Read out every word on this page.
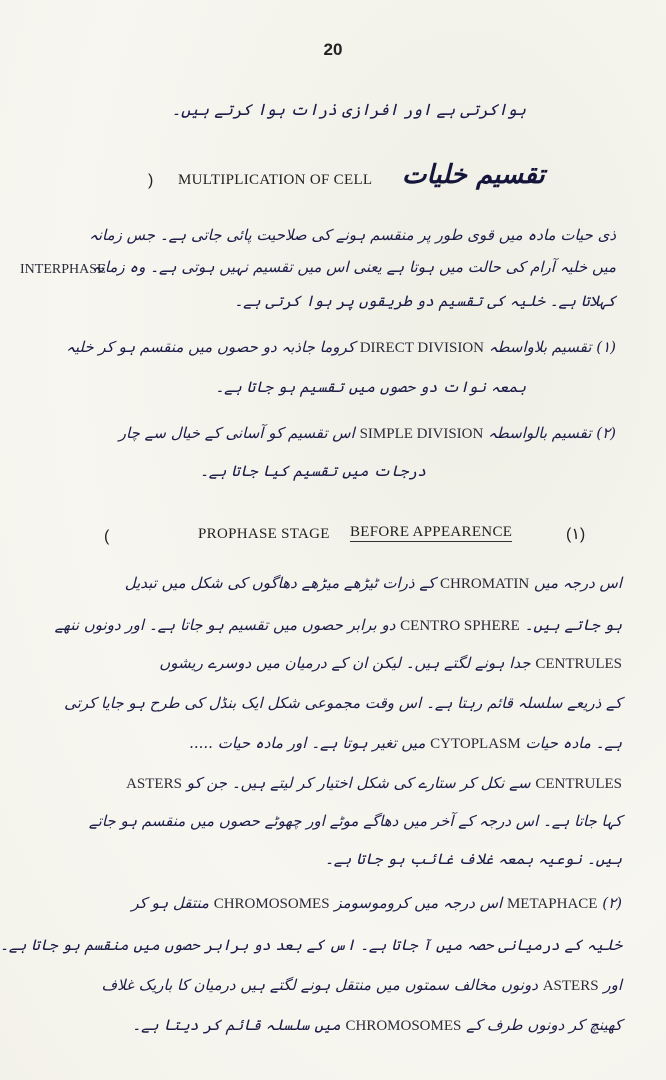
20
ہواکرتی ہے اور افرازی ذرات ہوا کرتے ہیں۔
) MULTIPLICATION OF CELL تقسیم خلیات
ذی حیات مادہ میں قوی طور پر منقسم ہونے کی صلاحیت پائی جاتی ہے۔ جس زمانہ
میں خلیہ آرام کی حالت میں ہوتا ہے یعنی اس میں تقسیم نہیں ہوتی ہے۔ وہ زمانہ
INTERPHASE
کہلاتا ہے۔ خلیہ کی تقسیم دو طریقوں پر ہوا کرتی ہے۔
(۱) تقسیم بلاواسطہ DIRECT DIVISION کروما جاذبہ دو حصوں میں منقسم ہو کر خلیہ
بمعہ نوات دو حصوں میں تقسیم ہو جاتا ہے۔
(۲) تقسیم بالواسطہ SIMPLE DIVISION اس تقسیم کو آسانی کے خیال سے چار
درجات میں تقسیم کیا جاتا ہے۔
(	PROPHASE STAGE BEFORE APPEARENCE	(۱)
اس درجہ میں CHROMATIN کے ذرات ٹیڑھے میڑھے دھاگوں کی شکل میں تبدیل
ہو جاتے ہیں۔ CENTRO SPHERE دو برابر حصوں میں تقسیم ہو جاتا ہے۔ اور دونوں ننھے
CENTRULES جدا ہونے لگتے ہیں۔ لیکن ان کے درمیان میں دوسرے ریشوں
کے ذریعے سلسلہ قائم رہتا ہے۔ اس وقت مجموعی شکل ایک بنڈل کی طرح ہو جایا کرتی
ہے۔ مادہ حیات CYTOPLASM میں تغیر ہوتا ہے۔ اور مادہ حیات .....
CENTRULES سے نکل کر ستارے کی شکل اختیار کر لیتے ہیں۔ جن کو ASTERS
کہا جاتا ہے۔ اس درجہ کے آخر میں دھاگے موٹے اور چھوٹے حصوں میں منقسم ہو جاتے
ہیں۔ نوعیہ بمعہ غلاف غائب ہو جاتا ہے۔
(۲) METAPHACE اس درجہ میں کروموسومز CHROMOSOMES منتقل ہو کر
خلیہ کے درمیانی حصہ میں آ جاتا ہے۔ اس کے بعد دو برابر حصوں میں منقسم ہو جاتا ہے۔
اور ASTERS دونوں مخالف سمتوں میں منتقل ہونے لگتے ہیں درمیان کا باریک غلاف
کھینچ کر دونوں طرف کے CHROMOSOMES میں سلسلہ قائم کر دیتا ہے۔
